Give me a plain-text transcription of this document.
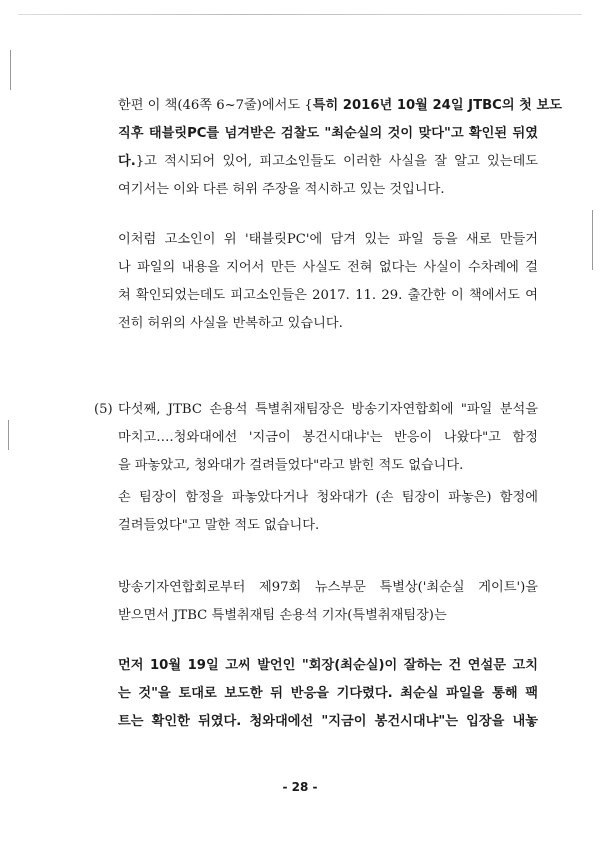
한편 이 책(46쪽 6~7줄)에서도 {특히 2016년 10월 24일 JTBC의 첫 보도
직후 태블릿PC를 넘겨받은 검찰도 "최순실의 것이 맞다"고 확인된 뒤였
다.}고 적시되어 있어, 피고소인들도 이러한 사실을 잘 알고 있는데도
여기서는 이와 다른 허위 주장을 적시하고 있는 것입니다.
이처럼 고소인이 위 '태블릿PC'에 담겨 있는 파일 등을 새로 만들거
나 파일의 내용을 지어서 만든 사실도 전혀 없다는 사실이 수차례에 걸
쳐 확인되었는데도 피고소인들은 2017. 11. 29. 출간한 이 책에서도 여
전히 허위의 사실을 반복하고 있습니다.
(5) 다섯째, JTBC 손용석 특별취재팀장은 방송기자연합회에 "파일 분석을
마치고….청와대에선 '지금이 봉건시대냐'는 반응이 나왔다"고 함정
을 파놓았고, 청와대가 걸려들었다"라고 밝힌 적도 없습니다.
손 팀장이 함정을 파놓았다거나 청와대가 (손 팀장이 파놓은) 함정에
걸려들었다"고 말한 적도 없습니다.
방송기자연합회로부터 제97회 뉴스부문 특별상('최순실 게이트')을
받으면서 JTBC 특별취재팀 손용석 기자(특별취재팀장)는
먼저 10월 19일 고씨 발언인 "회장(최순실)이 잘하는 건 연설문 고치
는 것"을 토대로 보도한 뒤 반응을 기다렸다. 최순실 파일을 통해 팩
트는 확인한 뒤였다. 청와대에선 "지금이 봉건시대냐"는 입장을 내놓
- 28 -
